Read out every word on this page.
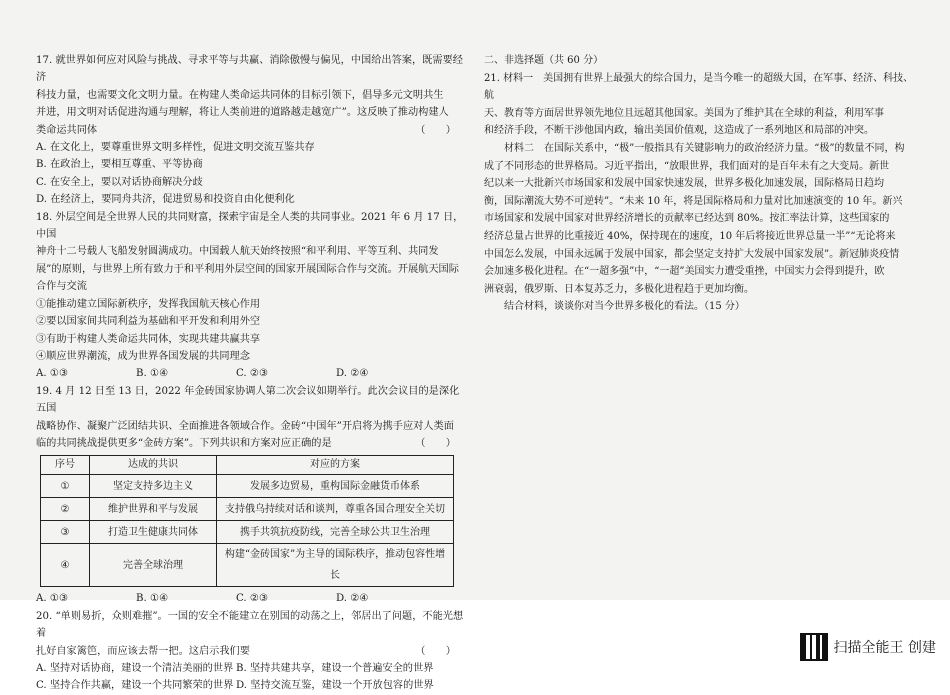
17. 就世界如何应对风险与挑战、寻求平等与共赢、消除傲慢与偏见，中国给出答案，既需要经济

科技力量，也需要文化文明力量。在构建人类命运共同体的目标引领下，倡导多元文明共生

并进，用文明对话促进沟通与理解，将让人类前进的道路越走越宽广”。这反映了推动构建人

类命运共同体	（　　）

A. 在文化上，要尊重世界文明多样性，促进文明交流互鉴共存

B. 在政治上，要相互尊重、平等协商

C. 在安全上，要以对话协商解决分歧

D. 在经济上，要同舟共济，促进贸易和投资自由化便利化

18. 外层空间是全世界人民的共同财富，探索宇宙是全人类的共同事业。2021 年 6 月 17 日，中国

神舟十二号载人飞船发射圆满成功。中国载人航天始终按照“和平利用、平等互利、共同发

展”的原则，与世界上所有致力于和平利用外层空间的国家开展国际合作与交流。开展航天国际

合作与交流

①能推动建立国际新秩序，发挥我国航天核心作用

②要以国家间共同利益为基础和平开发和利用外空

③有助于构建人类命运共同体，实现共建共赢共享

④顺应世界潮流，成为世界各国发展的共同理念

A. ①③	B. ①④	C. ②③	D. ②④

19. 4 月 12 日至 13 日，2022 年金砖国家协调人第二次会议如期举行。此次会议目的是深化五国

战略协作、凝聚广泛团结共识、全面推进各领域合作。金砖“中国年”开启将为携手应对人类面

临的共同挑战提供更多“金砖方案”。下列共识和方案对应正确的是	（　　）

序号	达成的共识	对应的方案
①	坚定支持多边主义	发展多边贸易，重构国际金融货币体系
②	维护世界和平与发展	支持俄乌持续对话和谈判，尊重各国合理安全关切
③	打造卫生健康共同体	携手共筑抗疫防线，完善全球公共卫生治理
④	完善全球治理	构建“金砖国家”为主导的国际秩序，推动包容性增长
A. ①③	B. ①④	C. ②③	D. ②④

20. “单则易折，众则难摧”。一国的安全不能建立在别国的动荡之上，邻居出了问题，不能光想着

扎好自家篱笆，而应该去帮一把。这启示我们要	（　　）

A. 坚持对话协商，建设一个清洁美丽的世界 B. 坚持共建共享，建设一个普遍安全的世界
C. 坚持合作共赢，建设一个共同繁荣的世界 D. 坚持交流互鉴，建设一个开放包容的世界

二、非选择题（共 60 分）

21. 材料一　美国拥有世界上最强大的综合国力，是当今唯一的超级大国，在军事、经济、科技、航

天、教育等方面居世界领先地位且远超其他国家。美国为了维护其在全球的利益，利用军事

和经济手段，不断干涉他国内政，输出美国价值观，这造成了一系列地区和局部的冲突。

　　材料二　在国际关系中，“极”一般指具有关键影响力的政治经济力量。“极”的数量不同，构

成了不同形态的世界格局。习近平指出，“放眼世界，我们面对的是百年未有之大变局。新世

纪以来一大批新兴市场国家和发展中国家快速发展，世界多极化加速发展，国际格局日趋均

衡，国际潮流大势不可逆转”。“未来 10 年，将是国际格局和力量对比加速演变的 10 年。新兴

市场国家和发展中国家对世界经济增长的贡献率已经达到 80%。按汇率法计算，这些国家的

经济总量占世界的比重接近 40%，保持现在的速度，10 年后将接近世界总量一半”“无论将来

中国怎么发展，中国永远属于发展中国家，都会坚定支持扩大发展中国家发展”。新冠肺炎疫情

会加速多极化进程。在“一超多强”中，“一超”美国实力遭受重挫，中国实力会得到提升，欧

洲衰弱，俄罗斯、日本复苏乏力，多极化进程趋于更加均衡。

　　结合材料，谈谈你对当今世界多极化的看法。（15 分）

扫描全能王 创建
